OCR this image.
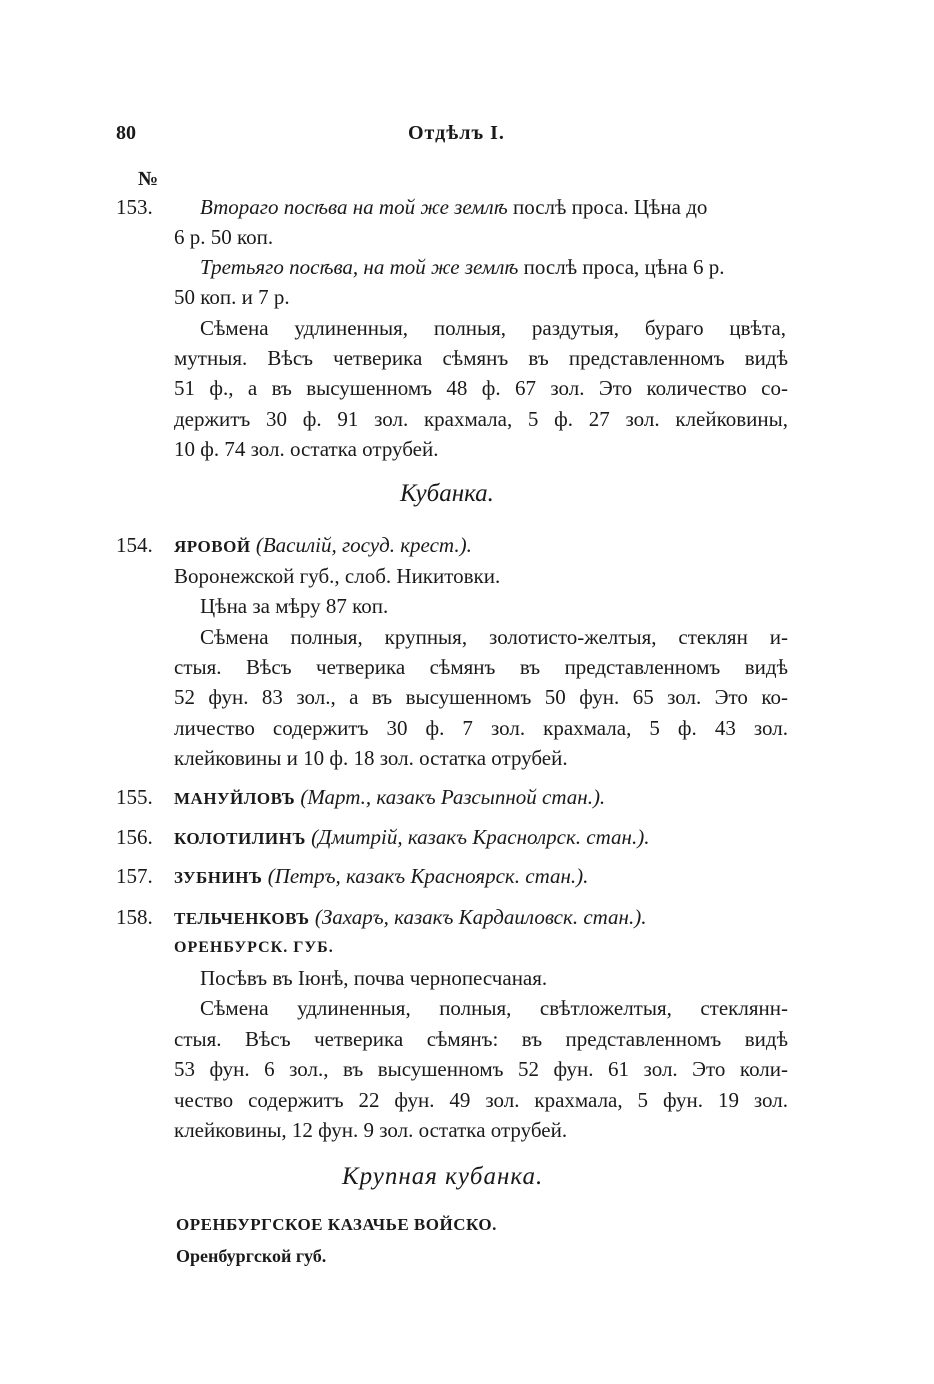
80	Отдѣлъ I.
№
153. Втораго посѣва на той же землѣ послѣ проса. Цѣна до
6 р. 50 коп.
Третьяго посѣва, на той же землѣ послѣ проса, цѣна 6 р.
50 коп. и 7 р.
Сѣмена удлиненныя, полныя, раздутыя, бураго цвѣта,
мутныя. Вѣсъ четверика сѣмянъ въ представленномъ видѣ
51 ф., а въ высушенномъ 48 ф. 67 зол. Это количество со-
держитъ 30 ф. 91 зол. крахмала, 5 ф. 27 зол. клейковины,
10 ф. 74 зол. остатка отрубей.
Кубанка.
154. ЯРОВОЙ (Василій, госуд. крест.).
Воронежской губ., слоб. Никитовки.
Цѣна за мѣру 87 коп.
Сѣмена полныя, крупныя, золотисто-желтыя, стеклян и-
стыя. Вѣсъ четверика сѣмянъ въ представленномъ видѣ
52 фун. 83 зол., а въ высушенномъ 50 фун. 65 зол. Это ко-
личество содержитъ 30 ф. 7 зол. крахмала, 5 ф. 43 зол.
клейковины и 10 ф. 18 зол. остатка отрубей.
155. МАНУЙЛОВЪ (Март., казакъ Разсыпной стан.).
156. КОЛОТИЛИНЪ (Дмитрій, казакъ Краснолрск. стан.).
157. ЗУБНИНЪ (Петръ, казакъ Красноярск. стан.).
158. ТЕЛЬЧЕНКОВЪ (Захаръ, казакъ Кардаиловск. стан.).
ОРЕНБУРСК. ГУБ.
Посѣвъ въ Іюнѣ, почва чернопесчаная.
Сѣмена удлиненныя, полныя, свѣтложелтыя, стеклянн-
стыя. Вѣсъ четверика сѣмянъ: въ представленномъ видѣ
53 фун. 6 зол., въ высушенномъ 52 фун. 61 зол. Это коли-
чество содержитъ 22 фун. 49 зол. крахмала, 5 фун. 19 зол.
клейковины, 12 фун. 9 зол. остатка отрубей.
Крупная кубанка.
ОРЕНБУРГСКОЕ КАЗАЧЬЕ ВОЙСКО.
Оренбургской губ.
